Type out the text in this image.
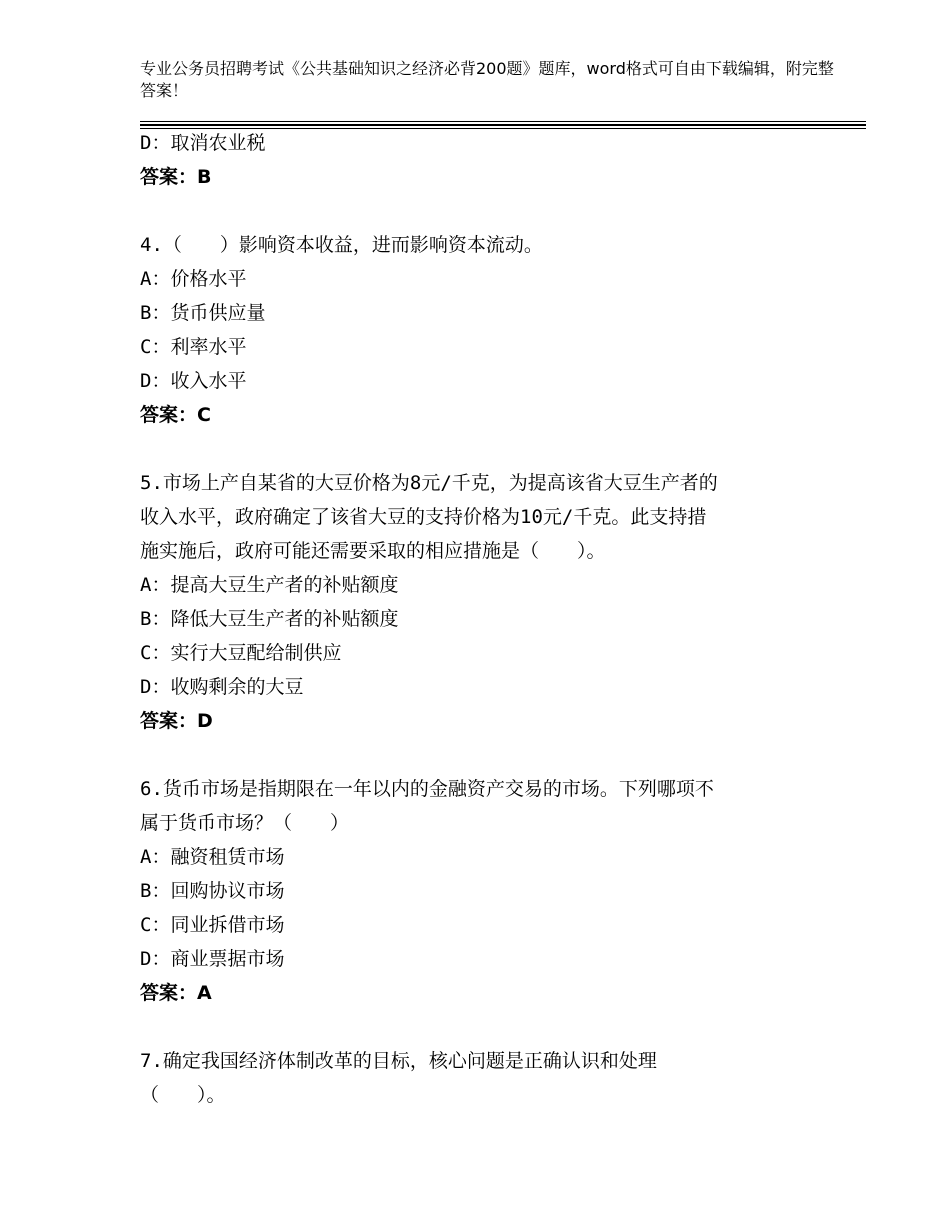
专业公务员招聘考试《公共基础知识之经济必背200题》题库，word格式可自由下载编辑，附完整答案！
D：取消农业税
答案：B
4.（　　）影响资本收益，进而影响资本流动。
A：价格水平
B：货币供应量
C：利率水平
D：收入水平
答案：C
5.市场上产自某省的大豆价格为8元/千克，为提高该省大豆生产者的
收入水平，政府确定了该省大豆的支持价格为10元/千克。此支持措
施实施后，政府可能还需要采取的相应措施是（　　）。
A：提高大豆生产者的补贴额度
B：降低大豆生产者的补贴额度
C：实行大豆配给制供应
D：收购剩余的大豆
答案：D
6.货币市场是指期限在一年以内的金融资产交易的市场。下列哪项不
属于货币市场？（　　）
A：融资租赁市场
B：回购协议市场
C：同业拆借市场
D：商业票据市场
答案：A
7.确定我国经济体制改革的目标，核心问题是正确认识和处理
（　　）。
